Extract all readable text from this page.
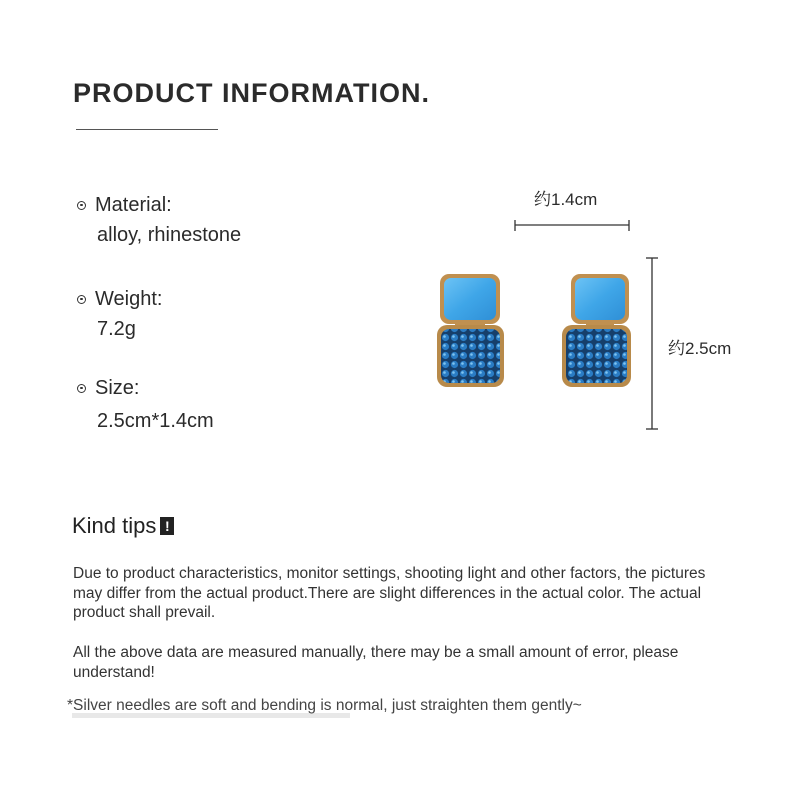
PRODUCT INFORMATION.
Material:
alloy, rhinestone
Weight:
7.2g
Size:
2.5cm*1.4cm
约1.4cm
约2.5cm
Kind tips !

Due to product characteristics, monitor settings, shooting light and other factors, the pictures may differ from the actual product.There are slight differences in the actual color. The actual product shall prevail.

All the above data are measured manually, there may be a small amount of error, please understand!

*Silver needles are soft and bending is normal, just straighten them gently~
